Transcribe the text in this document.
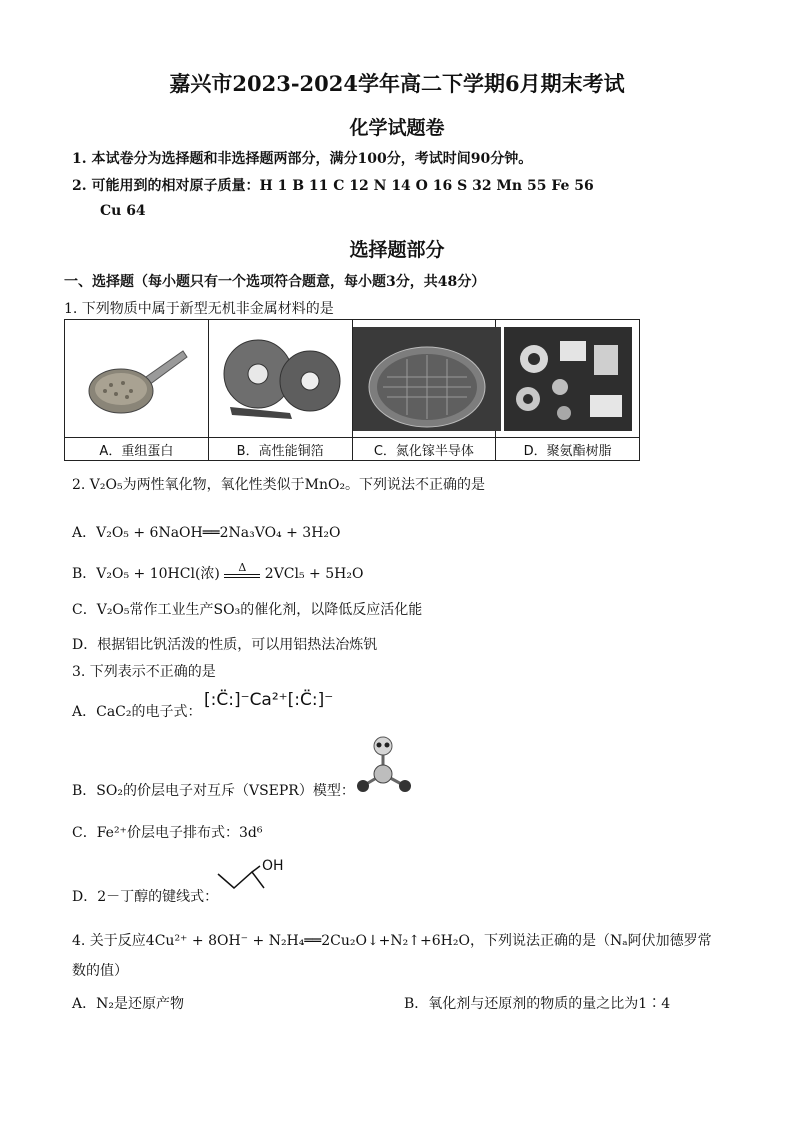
嘉兴市2023-2024学年高二下学期6月期末考试
化学试题卷
1. 本试卷分为选择题和非选择题两部分，满分100分，考试时间90分钟。
2. 可能用到的相对原子质量：H 1 B 11 C 12 N 14 O 16 S 32 Mn 55 Fe 56
Cu 64
选择题部分
一、选择题（每小题只有一个选项符合题意，每小题3分，共48分）
1. 下列物质中属于新型无机非金属材料的是

A．重组蛋白	B．高性能铜箔	C．氮化镓半导体	D．聚氨酯树脂
2. V₂O₅为两性氧化物，氧化性类似于MnO₂。下列说法不正确的是
A．V₂O₅ + 6NaOH══2Na₃VO₄ + 3H₂O
B．V₂O₅ + 10HCl(浓)	Δ	2VCl₅ + 5H₂O
C．V₂O₅常作工业生产SO₃的催化剂，以降低反应活化能
D．根据铝比钒活泼的性质，可以用铝热法冶炼钒
3. 下列表示不正确的是
A．CaC₂的电子式：
[:C̈:]⁻Ca²⁺[:C̈:]⁻
B．SO₂的价层电子对互斥（VSEPR）模型：
C．Fe²⁺价层电子排布式：3d⁶
D．2－丁醇的键线式：
OH
4. 关于反应4Cu²⁺ + 8OH⁻ + N₂H₄══2Cu₂O↓+N₂↑+6H₂O，下列说法正确的是（Nₐ阿伏加德罗常
数的值）
A．N₂是还原产物	B．氧化剂与还原剂的物质的量之比为1∶4
